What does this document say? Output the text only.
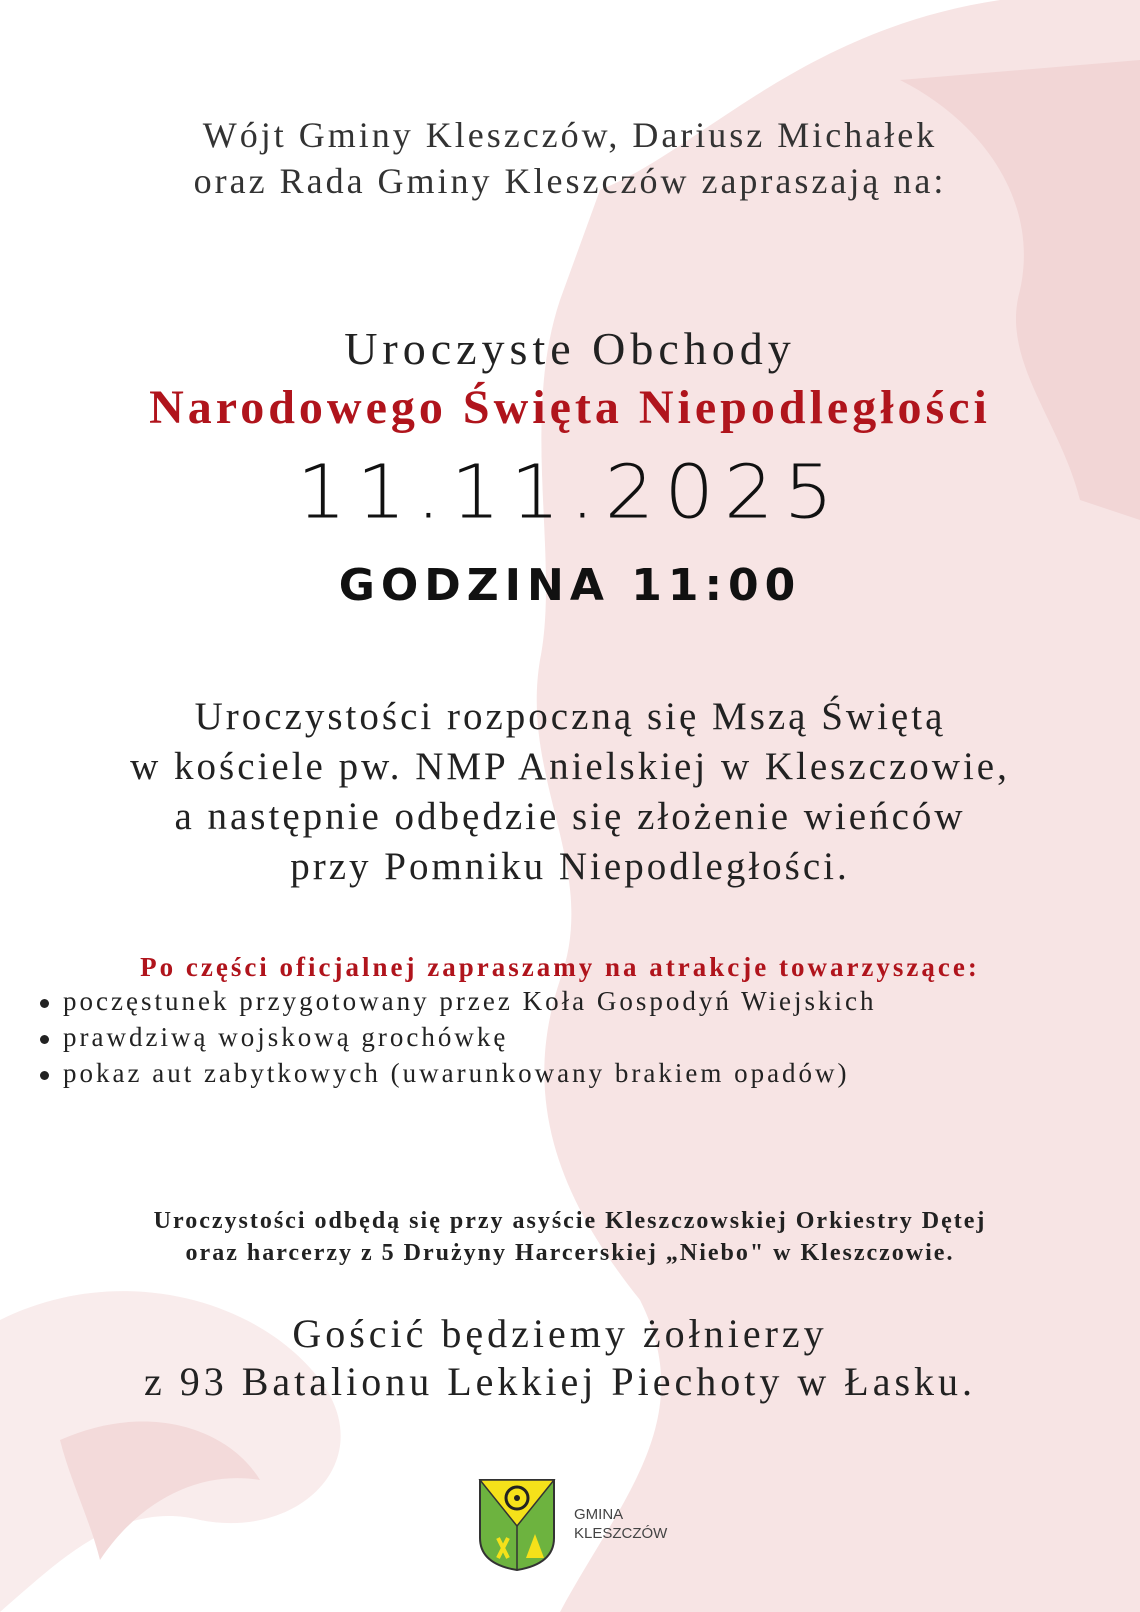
Wójt Gminy Kleszczów, Dariusz Michałek
oraz Rada Gminy Kleszczów zapraszają na:
Uroczyste Obchody
Narodowego Święta Niepodległości
11.11.2025
GODZINA 11:00
Uroczystości rozpoczną się Mszą Świętą
w kościele pw. NMP Anielskiej w Kleszczowie,
a następnie odbędzie się złożenie wieńców
przy Pomniku Niepodległości.
Po części oficjalnej zapraszamy na atrakcje towarzyszące:
poczęstunek przygotowany przez Koła Gospodyń Wiejskich
prawdziwą wojskową grochówkę
pokaz aut zabytkowych (uwarunkowany brakiem opadów)
Uroczystości odbędą się przy asyście Kleszczowskiej Orkiestry Dętej
oraz harcerzy z 5 Drużyny Harcerskiej „Niebo" w Kleszczowie.
Gościć będziemy żołnierzy
z 93 Batalionu Lekkiej Piechoty w Łasku.
GMINA
KLESZCZÓW
